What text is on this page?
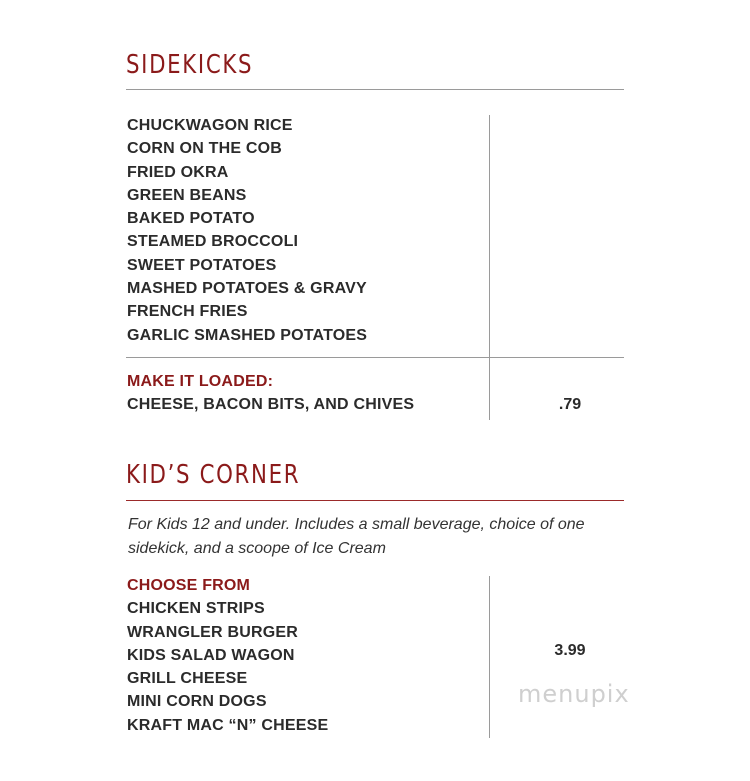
SIDEKICKS
CHUCKWAGON RICE
CORN ON THE COB
FRIED OKRA
GREEN BEANS
BAKED POTATO
STEAMED BROCCOLI
SWEET POTATOES
MASHED POTATOES & GRAVY
FRENCH FRIES
GARLIC SMASHED POTATOES
MAKE IT LOADED:
CHEESE, BACON BITS, AND CHIVES	.79
KID’S CORNER

For Kids 12 and under. Includes a small beverage, choice of one sidekick, and a scoope of Ice Cream

CHOOSE FROM
CHICKEN STRIPS
WRANGLER BURGER
KIDS SALAD WAGON
GRILL CHEESE
MINI CORN DOGS
KRAFT MAC “N” CHEESE
3.99
menupix
